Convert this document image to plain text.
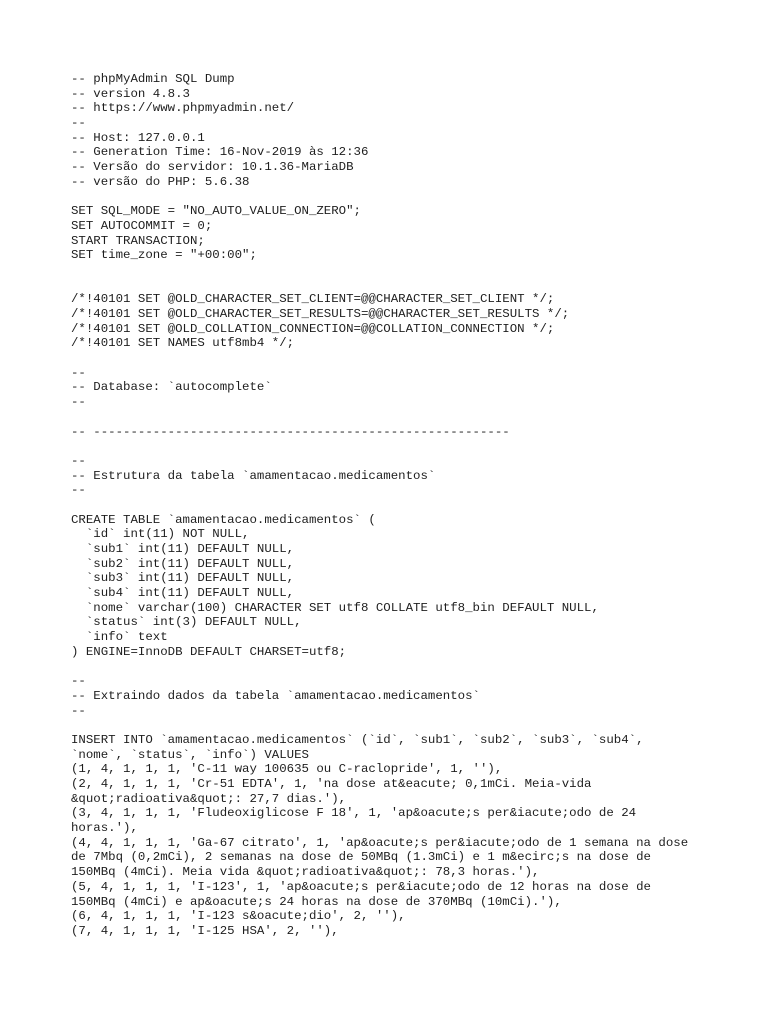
-- phpMyAdmin SQL Dump
-- version 4.8.3
-- https://www.phpmyadmin.net/
--
-- Host: 127.0.0.1
-- Generation Time: 16-Nov-2019 às 12:36
-- Versão do servidor: 10.1.36-MariaDB
-- versão do PHP: 5.6.38
SET SQL_MODE = "NO_AUTO_VALUE_ON_ZERO";
SET AUTOCOMMIT = 0;
START TRANSACTION;
SET time_zone = "+00:00";
/*!40101 SET @OLD_CHARACTER_SET_CLIENT=@@CHARACTER_SET_CLIENT */;
/*!40101 SET @OLD_CHARACTER_SET_RESULTS=@@CHARACTER_SET_RESULTS */;
/*!40101 SET @OLD_COLLATION_CONNECTION=@@COLLATION_CONNECTION */;
/*!40101 SET NAMES utf8mb4 */;
--
-- Database: `autocomplete`
--
-- --------------------------------------------------------
--
-- Estrutura da tabela `amamentacao.medicamentos`
--
CREATE TABLE `amamentacao.medicamentos` (
`id` int(11) NOT NULL,
`sub1` int(11) DEFAULT NULL,
`sub2` int(11) DEFAULT NULL,
`sub3` int(11) DEFAULT NULL,
`sub4` int(11) DEFAULT NULL,
`nome` varchar(100) CHARACTER SET utf8 COLLATE utf8_bin DEFAULT NULL,
`status` int(3) DEFAULT NULL,
`info` text
) ENGINE=InnoDB DEFAULT CHARSET=utf8;
--
-- Extraindo dados da tabela `amamentacao.medicamentos`
--
INSERT INTO `amamentacao.medicamentos` (`id`, `sub1`, `sub2`, `sub3`, `sub4`,
`nome`, `status`, `info`) VALUES
(1, 4, 1, 1, 1, 'C-11 way 100635 ou C-raclopride', 1, ''),
(2, 4, 1, 1, 1, 'Cr-51 EDTA', 1, 'na dose at&eacute; 0,1mCi. Meia-vida
&quot;radioativa&quot;: 27,7 dias.'),
(3, 4, 1, 1, 1, 'Fludeoxiglicose F 18', 1, 'ap&oacute;s per&iacute;odo de 24
horas.'),
(4, 4, 1, 1, 1, 'Ga-67 citrato', 1, 'ap&oacute;s per&iacute;odo de 1 semana na dose
de 7Mbq (0,2mCi), 2 semanas na dose de 50MBq (1.3mCi) e 1 m&ecirc;s na dose de
150MBq (4mCi). Meia vida &quot;radioativa&quot;: 78,3 horas.'),
(5, 4, 1, 1, 1, 'I-123', 1, 'ap&oacute;s per&iacute;odo de 12 horas na dose de
150MBq (4mCi) e ap&oacute;s 24 horas na dose de 370MBq (10mCi).'),
(6, 4, 1, 1, 1, 'I-123 s&oacute;dio', 2, ''),
(7, 4, 1, 1, 1, 'I-125 HSA', 2, ''),
